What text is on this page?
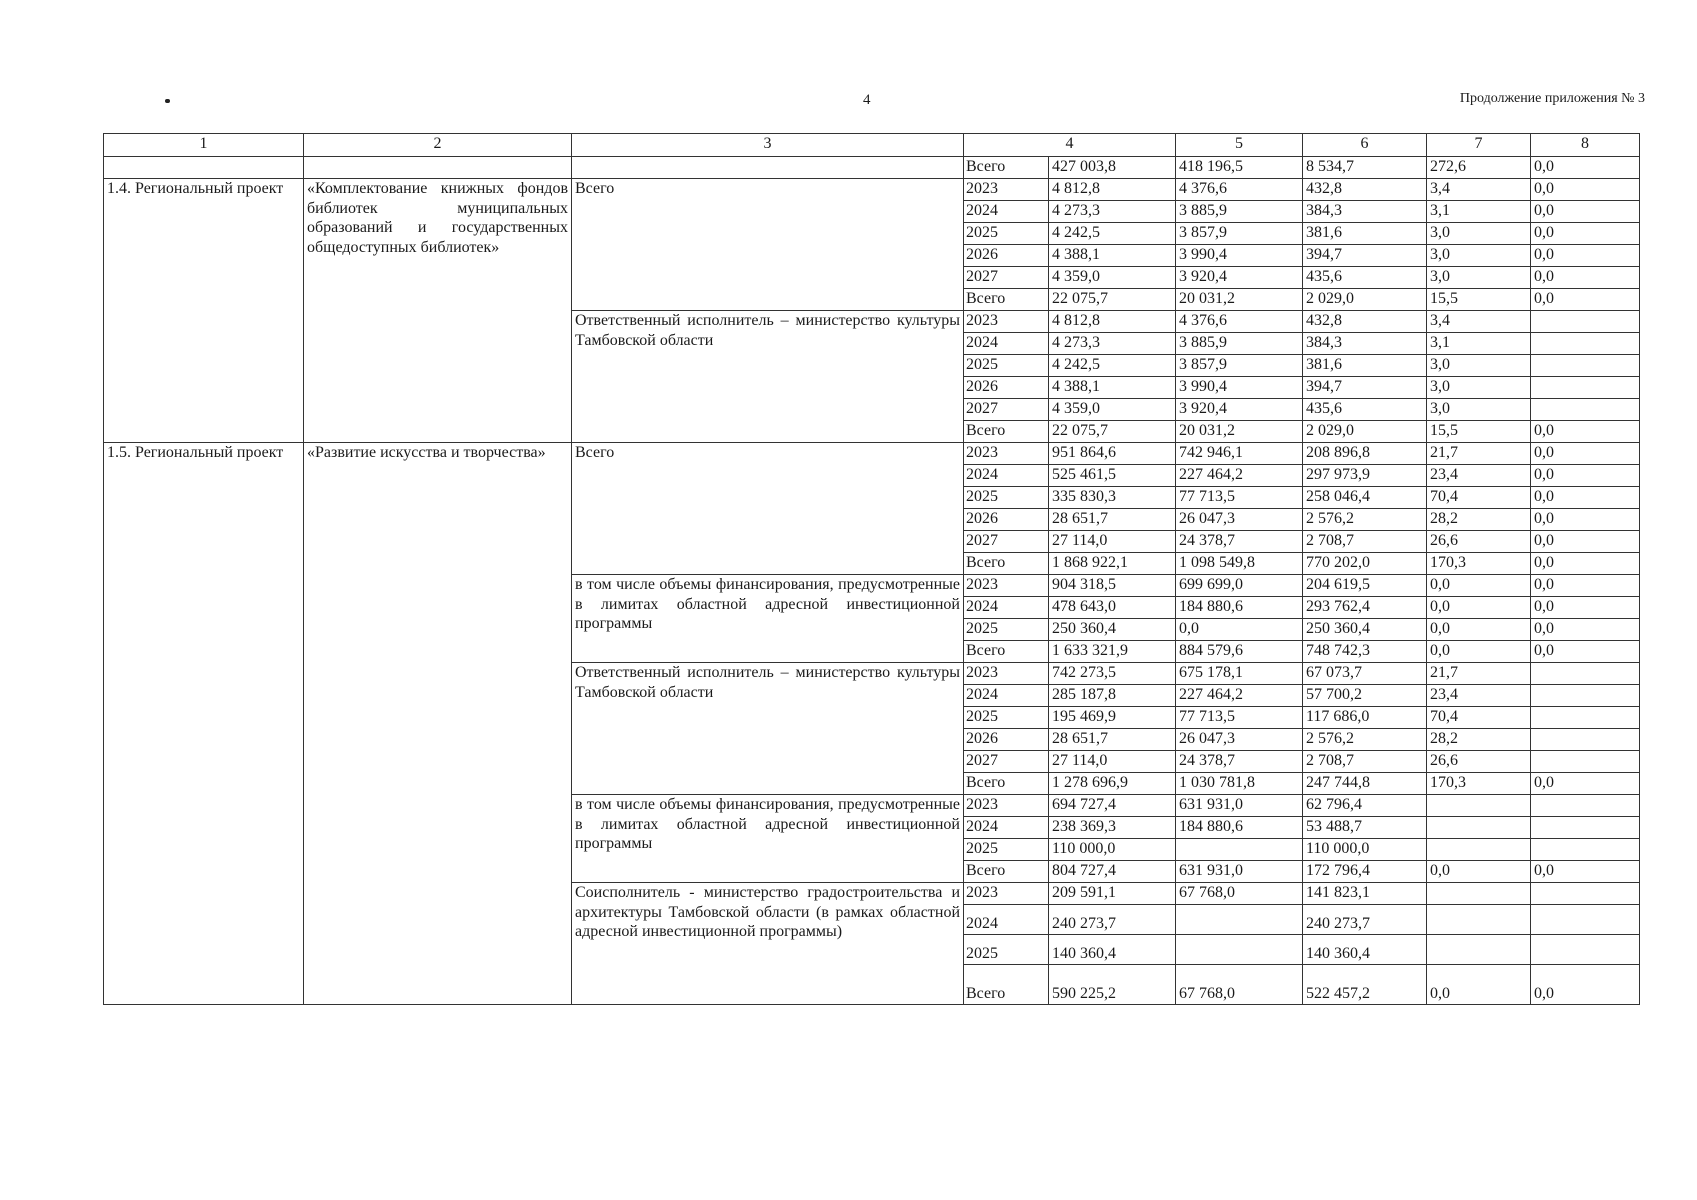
4	Продолжение приложения № 3
1	2	3	4		5	6	7	8
			Всего	427 003,8	418 196,5	8 534,7	272,6	0,0
1.4. Региональный проект	«Комплектование книжных фондов библиотек муниципальных образований и государственных общедоступных библиотек»	Всего	2023	4 812,8	4 376,6	432,8	3,4	0,0
			2024	4 273,3	3 885,9	384,3	3,1	0,0
			2025	4 242,5	3 857,9	381,6	3,0	0,0
			2026	4 388,1	3 990,4	394,7	3,0	0,0
			2027	4 359,0	3 920,4	435,6	3,0	0,0
			Всего	22 075,7	20 031,2	2 029,0	15,5	0,0
		Ответственный исполнитель – министерство культуры Тамбовской области	2023	4 812,8	4 376,6	432,8	3,4	
			2024	4 273,3	3 885,9	384,3	3,1	
			2025	4 242,5	3 857,9	381,6	3,0	
			2026	4 388,1	3 990,4	394,7	3,0	
			2027	4 359,0	3 920,4	435,6	3,0	
			Всего	22 075,7	20 031,2	2 029,0	15,5	0,0
1.5. Региональный проект	«Развитие искусства и творчества»	Всего	2023	951 864,6	742 946,1	208 896,8	21,7	0,0
			2024	525 461,5	227 464,2	297 973,9	23,4	0,0
			2025	335 830,3	77 713,5	258 046,4	70,4	0,0
			2026	28 651,7	26 047,3	2 576,2	28,2	0,0
			2027	27 114,0	24 378,7	2 708,7	26,6	0,0
			Всего	1 868 922,1	1 098 549,8	770 202,0	170,3	0,0
		в том числе объемы финансирования, предусмотренные в лимитах областной адресной инвестиционной программы	2023	904 318,5	699 699,0	204 619,5	0,0	0,0
			2024	478 643,0	184 880,6	293 762,4	0,0	0,0
			2025	250 360,4	0,0	250 360,4	0,0	0,0
			Всего	1 633 321,9	884 579,6	748 742,3	0,0	0,0
		Ответственный исполнитель – министерство культуры Тамбовской области	2023	742 273,5	675 178,1	67 073,7	21,7	
			2024	285 187,8	227 464,2	57 700,2	23,4	
			2025	195 469,9	77 713,5	117 686,0	70,4	
			2026	28 651,7	26 047,3	2 576,2	28,2	
			2027	27 114,0	24 378,7	2 708,7	26,6	
			Всего	1 278 696,9	1 030 781,8	247 744,8	170,3	0,0
		в том числе объемы финансирования, предусмотренные в лимитах областной адресной инвестиционной программы	2023	694 727,4	631 931,0	62 796,4		
			2024	238 369,3	184 880,6	53 488,7		
			2025	110 000,0		110 000,0		
			Всего	804 727,4	631 931,0	172 796,4	0,0	0,0
		Соисполнитель - министерство градостроительства и архитектуры Тамбовской области (в рамках областной адресной инвестиционной программы)	2023	209 591,1	67 768,0	141 823,1		
			2024	240 273,7		240 273,7		
			2025	140 360,4		140 360,4		
			Всего	590 225,2	67 768,0	522 457,2	0,0	0,0
